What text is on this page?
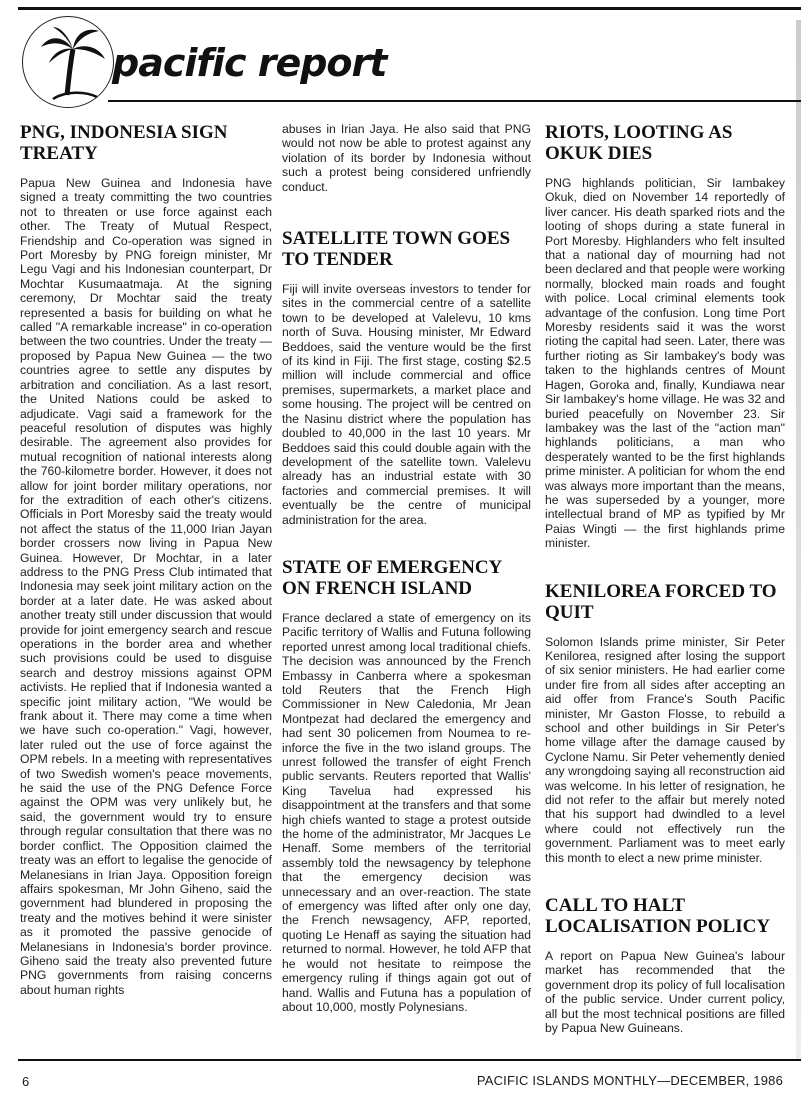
pacific report
PNG, INDONESIA SIGN TREATY

Papua New Guinea and Indonesia have signed a treaty committing the two countries not to threaten or use force against each other. The Treaty of Mutual Respect, Friendship and Co-operation was signed in Port Moresby by PNG foreign minister, Mr Legu Vagi and his Indonesian counterpart, Dr Mochtar Kusumaatmaja. At the signing ceremony, Dr Mochtar said the treaty represented a basis for building on what he called "A remarkable increase" in co-operation between the two countries. Under the treaty — proposed by Papua New Guinea — the two countries agree to settle any disputes by arbitration and conciliation. As a last resort, the United Nations could be asked to adjudicate. Vagi said a framework for the peaceful resolution of disputes was highly desirable. The agreement also provides for mutual recognition of national interests along the 760-kilometre border. However, it does not allow for joint border military operations, nor for the extradition of each other's citizens. Officials in Port Moresby said the treaty would not affect the status of the 11,000 Irian Jayan border crossers now living in Papua New Guinea. However, Dr Mochtar, in a later address to the PNG Press Club intimated that Indonesia may seek joint military action on the border at a later date. He was asked about another treaty still under discussion that would provide for joint emergency search and rescue operations in the border area and whether such provisions could be used to disguise search and destroy missions against OPM activists. He replied that if Indonesia wanted a specific joint military action, "We would be frank about it. There may come a time when we have such co-operation." Vagi, however, later ruled out the use of force against the OPM rebels. In a meeting with representatives of two Swedish women's peace movements, he said the use of the PNG Defence Force against the OPM was very unlikely but, he said, the government would try to ensure through regular consultation that there was no border conflict. The Opposition claimed the treaty was an effort to legalise the genocide of Melanesians in Irian Jaya. Opposition foreign affairs spokesman, Mr John Giheno, said the government had blundered in proposing the treaty and the motives behind it were sinister as it promoted the passive genocide of Melanesians in Indonesia's border province. Giheno said the treaty also prevented future PNG governments from raising concerns about human rights

abuses in Irian Jaya. He also said that PNG would not now be able to protest against any violation of its border by Indonesia without such a protest being considered unfriendly conduct.

SATELLITE TOWN GOES TO TENDER

Fiji will invite overseas investors to tender for sites in the commercial centre of a satellite town to be developed at Valelevu, 10 kms north of Suva. Housing minister, Mr Edward Beddoes, said the venture would be the first of its kind in Fiji. The first stage, costing $2.5 million will include commercial and office premises, supermarkets, a market place and some housing. The project will be centred on the Nasinu district where the population has doubled to 40,000 in the last 10 years. Mr Beddoes said this could double again with the development of the satellite town. Valelevu already has an industrial estate with 30 factories and commercial premises. It will eventually be the centre of municipal administration for the area.

STATE OF EMERGENCY ON FRENCH ISLAND

France declared a state of emergency on its Pacific territory of Wallis and Futuna following reported unrest among local traditional chiefs. The decision was announced by the French Embassy in Canberra where a spokesman told Reuters that the French High Commissioner in New Caledonia, Mr Jean Montpezat had declared the emergency and had sent 30 policemen from Noumea to re-inforce the five in the two island groups. The unrest followed the transfer of eight French public servants. Reuters reported that Wallis' King Tavelua had expressed his disappointment at the transfers and that some high chiefs wanted to stage a protest outside the home of the administrator, Mr Jacques Le Henaff. Some members of the territorial assembly told the newsagency by telephone that the emergency decision was unnecessary and an over-reaction. The state of emergency was lifted after only one day, the French newsagency, AFP, reported, quoting Le Henaff as saying the situation had returned to normal. However, he told AFP that he would not hesitate to reimpose the emergency ruling if things again got out of hand. Wallis and Futuna has a population of about 10,000, mostly Polynesians.

RIOTS, LOOTING AS OKUK DIES

PNG highlands politician, Sir Iambakey Okuk, died on November 14 reportedly of liver cancer. His death sparked riots and the looting of shops during a state funeral in Port Moresby. Highlanders who felt insulted that a national day of mourning had not been declared and that people were working normally, blocked main roads and fought with police. Local criminal elements took advantage of the confusion. Long time Port Moresby residents said it was the worst rioting the capital had seen. Later, there was further rioting as Sir Iambakey's body was taken to the highlands centres of Mount Hagen, Goroka and, finally, Kundiawa near Sir Iambakey's home village. He was 32 and buried peacefully on November 23. Sir Iambakey was the last of the "action man" highlands politicians, a man who desperately wanted to be the first highlands prime minister. A politician for whom the end was always more important than the means, he was superseded by a younger, more intellectual brand of MP as typified by Mr Paias Wingti — the first highlands prime minister.

KENILOREA FORCED TO QUIT

Solomon Islands prime minister, Sir Peter Kenilorea, resigned after losing the support of six senior ministers. He had earlier come under fire from all sides after accepting an aid offer from France's South Pacific minister, Mr Gaston Flosse, to rebuild a school and other buildings in Sir Peter's home village after the damage caused by Cyclone Namu. Sir Peter vehemently denied any wrongdoing saying all reconstruction aid was welcome. In his letter of resignation, he did not refer to the affair but merely noted that his support had dwindled to a level where could not effectively run the government. Parliament was to meet early this month to elect a new prime minister.

CALL TO HALT LOCALISATION POLICY

A report on Papua New Guinea's labour market has recommended that the government drop its policy of full localisation of the public service. Under current policy, all but the most technical positions are filled by Papua New Guineans.

6	PACIFIC ISLANDS MONTHLY—DECEMBER, 1986
